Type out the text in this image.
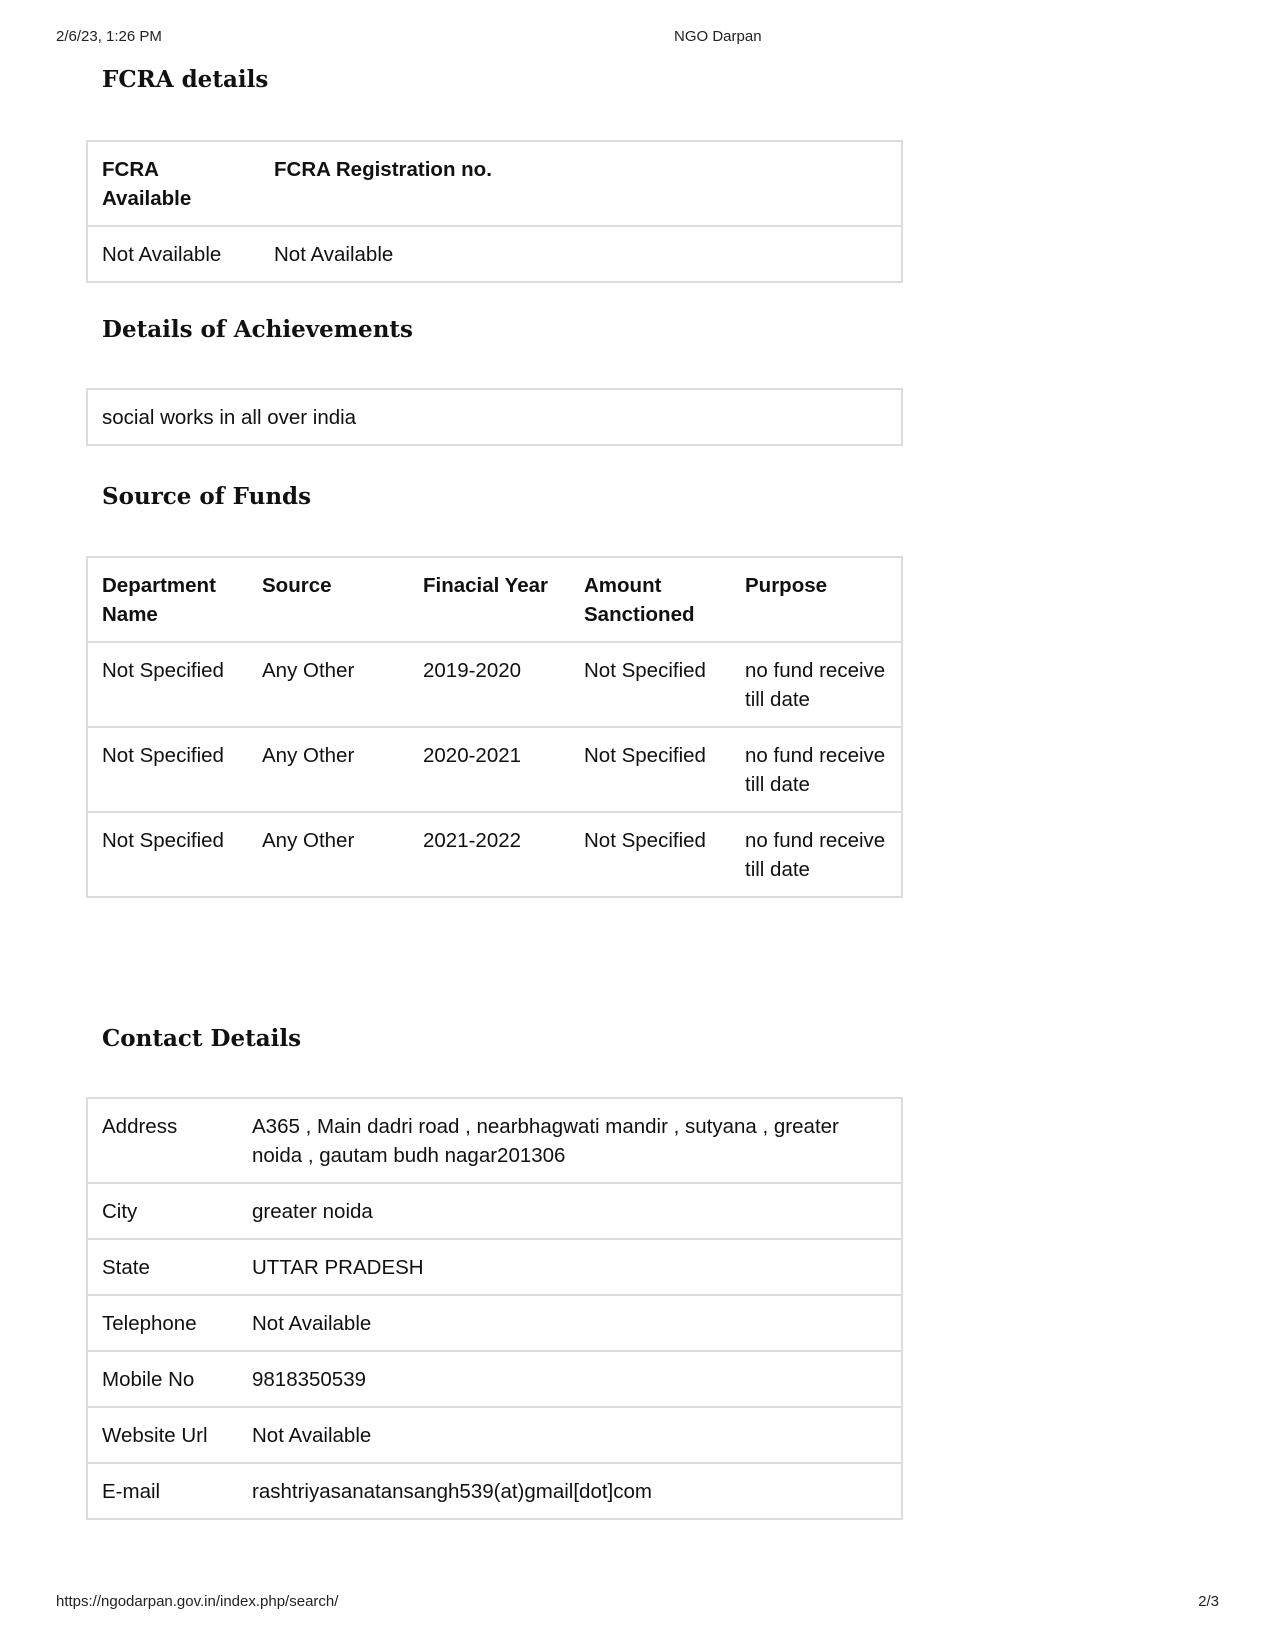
2/6/23, 1:26 PM	NGO Darpan
FCRA details
FCRA Available	FCRA Registration no.
Not Available	Not Available
Details of Achievements
social works in all over india
Source of Funds
Department Name	Source	Finacial Year	Amount Sanctioned	Purpose
Not Specified	Any Other	2019-2020	Not Specified	no fund receive till date
Not Specified	Any Other	2020-2021	Not Specified	no fund receive till date
Not Specified	Any Other	2021-2022	Not Specified	no fund receive till date
Contact Details
Address	A365 , Main dadri road , nearbhagwati mandir , sutyana , greater noida , gautam budh nagar201306
City	greater noida
State	UTTAR PRADESH
Telephone	Not Available
Mobile No	9818350539
Website Url	Not Available
E-mail	rashtriyasanatansangh539(at)gmail[dot]com
https://ngodarpan.gov.in/index.php/search/	2/3
